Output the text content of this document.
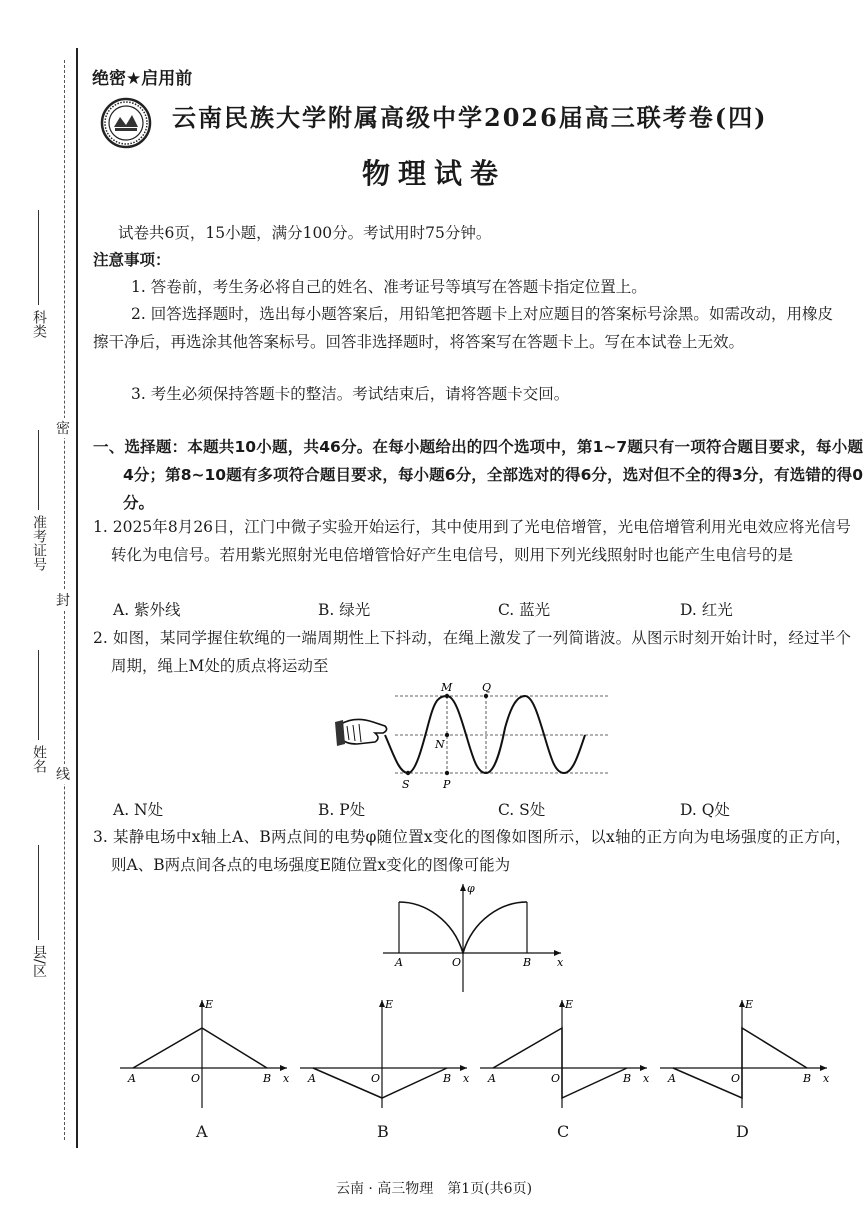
科类
准考证号
姓名
县/区
密
封
线
绝密★启用前
云南民族大学附属高级中学2026届高三联考卷(四)
物理试卷
试卷共6页，15小题，满分100分。考试用时75分钟。
注意事项：
1. 答卷前，考生务必将自己的姓名、准考证号等填写在答题卡指定位置上。
2. 回答选择题时，选出每小题答案后，用铅笔把答题卡上对应题目的答案标号涂黑。如需改动，用橡皮擦干净后，再选涂其他答案标号。回答非选择题时，将答案写在答题卡上。写在本试卷上无效。
3. 考生必须保持答题卡的整洁。考试结束后，请将答题卡交回。
一、选择题：本题共10小题，共46分。在每小题给出的四个选项中，第1~7题只有一项符合题目要求，每小题4分；第8~10题有多项符合题目要求，每小题6分，全部选对的得6分，选对但不全的得3分，有选错的得0分。
1. 2025年8月26日，江门中微子实验开始运行，其中使用到了光电倍增管，光电倍增管利用光电效应将光信号转化为电信号。若用紫光照射光电倍增管恰好产生电信号，则用下列光线照射时也能产生电信号的是
A. 紫外线	B. 绿光	C. 蓝光	D. 红光
2. 如图，某同学握住软绳的一端周期性上下抖动，在绳上激发了一列简谐波。从图示时刻开始计时，经过半个周期，绳上M处的质点将运动至
M	Q
N
S	P
A. N处	B. P处	C. S处	D. Q处
3. 某静电场中x轴上A、B两点间的电势φ随位置x变化的图像如图所示，以x轴的正方向为电场强度的正方向，则A、B两点间各点的电场强度E随位置x变化的图像可能为
φ
x
A	O	B
E
x
A	O	B
E
x
A	O	B
E
x
A	O	B
E
x
A	O	B
A	B	C	D
云南 · 高三物理　第1页(共6页)
